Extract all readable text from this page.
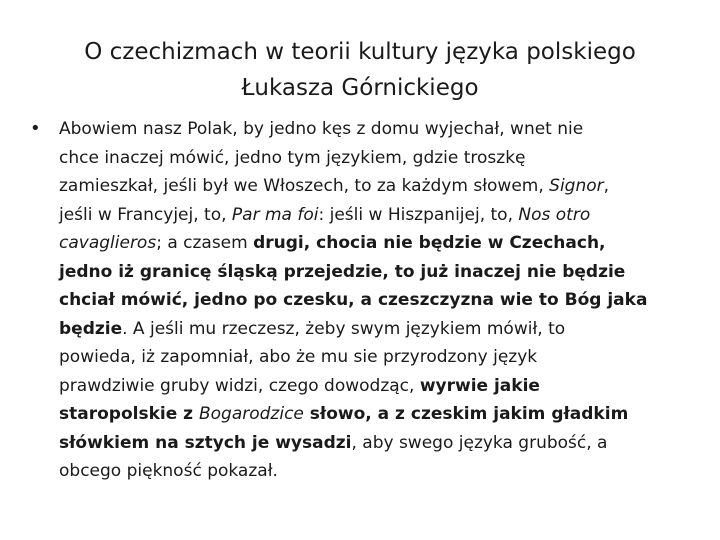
O czechizmach w teorii kultury języka polskiego
Łukasza Górnickiego
• Abowiem nasz Polak, by jedno kęs z domu wyjechał, wnet nie
chce inaczej mówić, jedno tym językiem, gdzie troszkę
zamieszkał, jeśli był we Włoszech, to za każdym słowem, Signor,
jeśli w Francyjej, to, Par ma foi: jeśli w Hiszpanijej, to, Nos otro
cavaglieros; a czasem drugi, chocia nie będzie w Czechach,
jedno iż granicę śląską przejedzie, to już inaczej nie będzie
chciał mówić, jedno po czesku, a czeszczyzna wie to Bóg jaka
będzie. A jeśli mu rzeczesz, żeby swym językiem mówił, to
powieda, iż zapomniał, abo że mu sie przyrodzony język
prawdziwie gruby widzi, czego dowodząc, wyrwie jakie
staropolskie z Bogarodzice słowo, a z czeskim jakim gładkim
słówkiem na sztych je wysadzi, aby swego języka grubość, a
obcego piękność pokazał.
